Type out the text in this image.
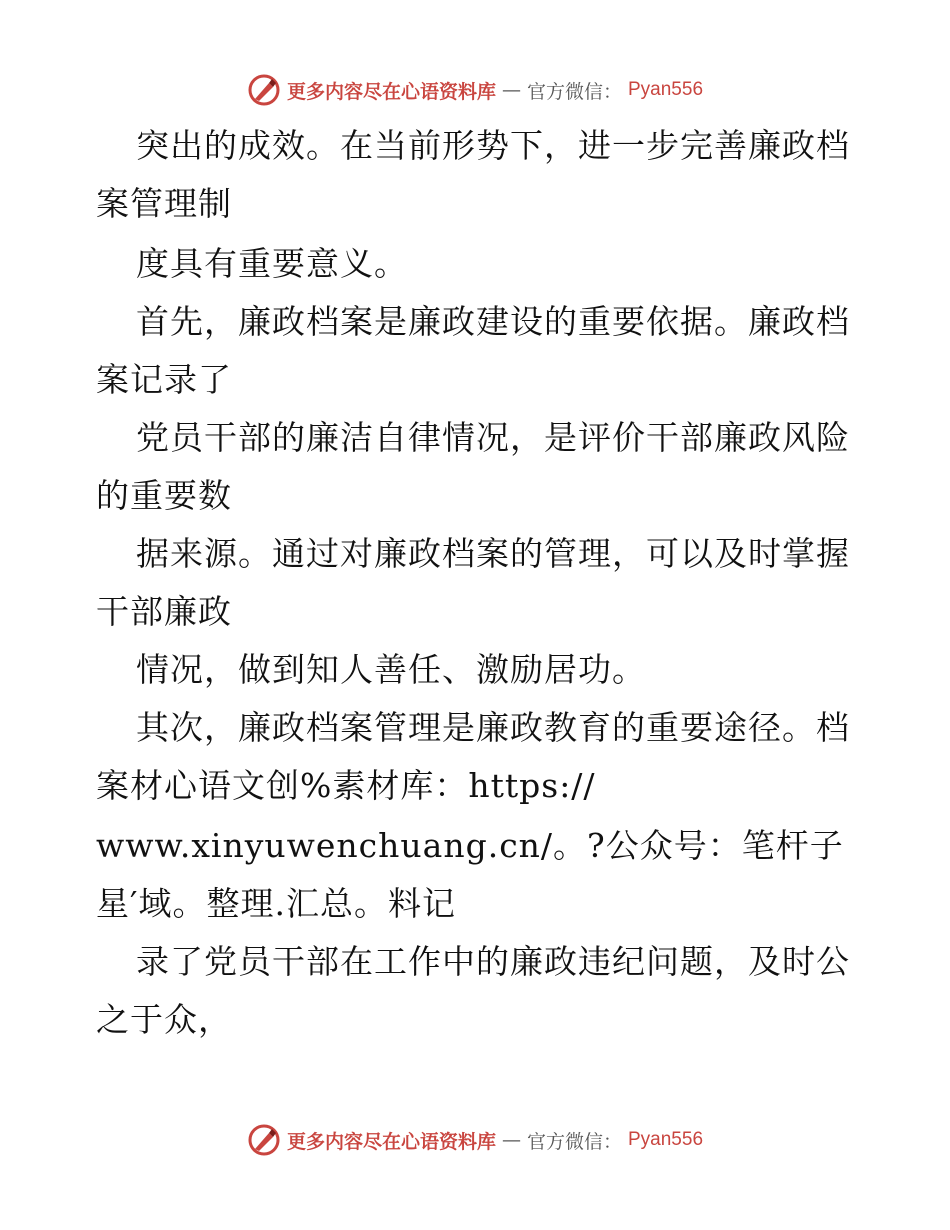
更多内容尽在心语资料库 — 官方微信： Pyan556
突出的成效。在当前形势下，进一步完善廉政档
案管理制
度具有重要意义。
首先，廉政档案是廉政建设的重要依据。廉政档
案记录了
党员干部的廉洁自律情况，是评价干部廉政风险
的重要数
据来源。通过对廉政档案的管理，可以及时掌握
干部廉政
情况，做到知人善任、激励居功。
其次，廉政档案管理是廉政教育的重要途径。档
案材心语文创%素材库：https://
www.xinyuwenchuang.cn/。?公众号：笔杆子
星′域。整理.汇总。料记
录了党员干部在工作中的廉政违纪问题，及时公
之于众，
更多内容尽在心语资料库 — 官方微信： Pyan556
